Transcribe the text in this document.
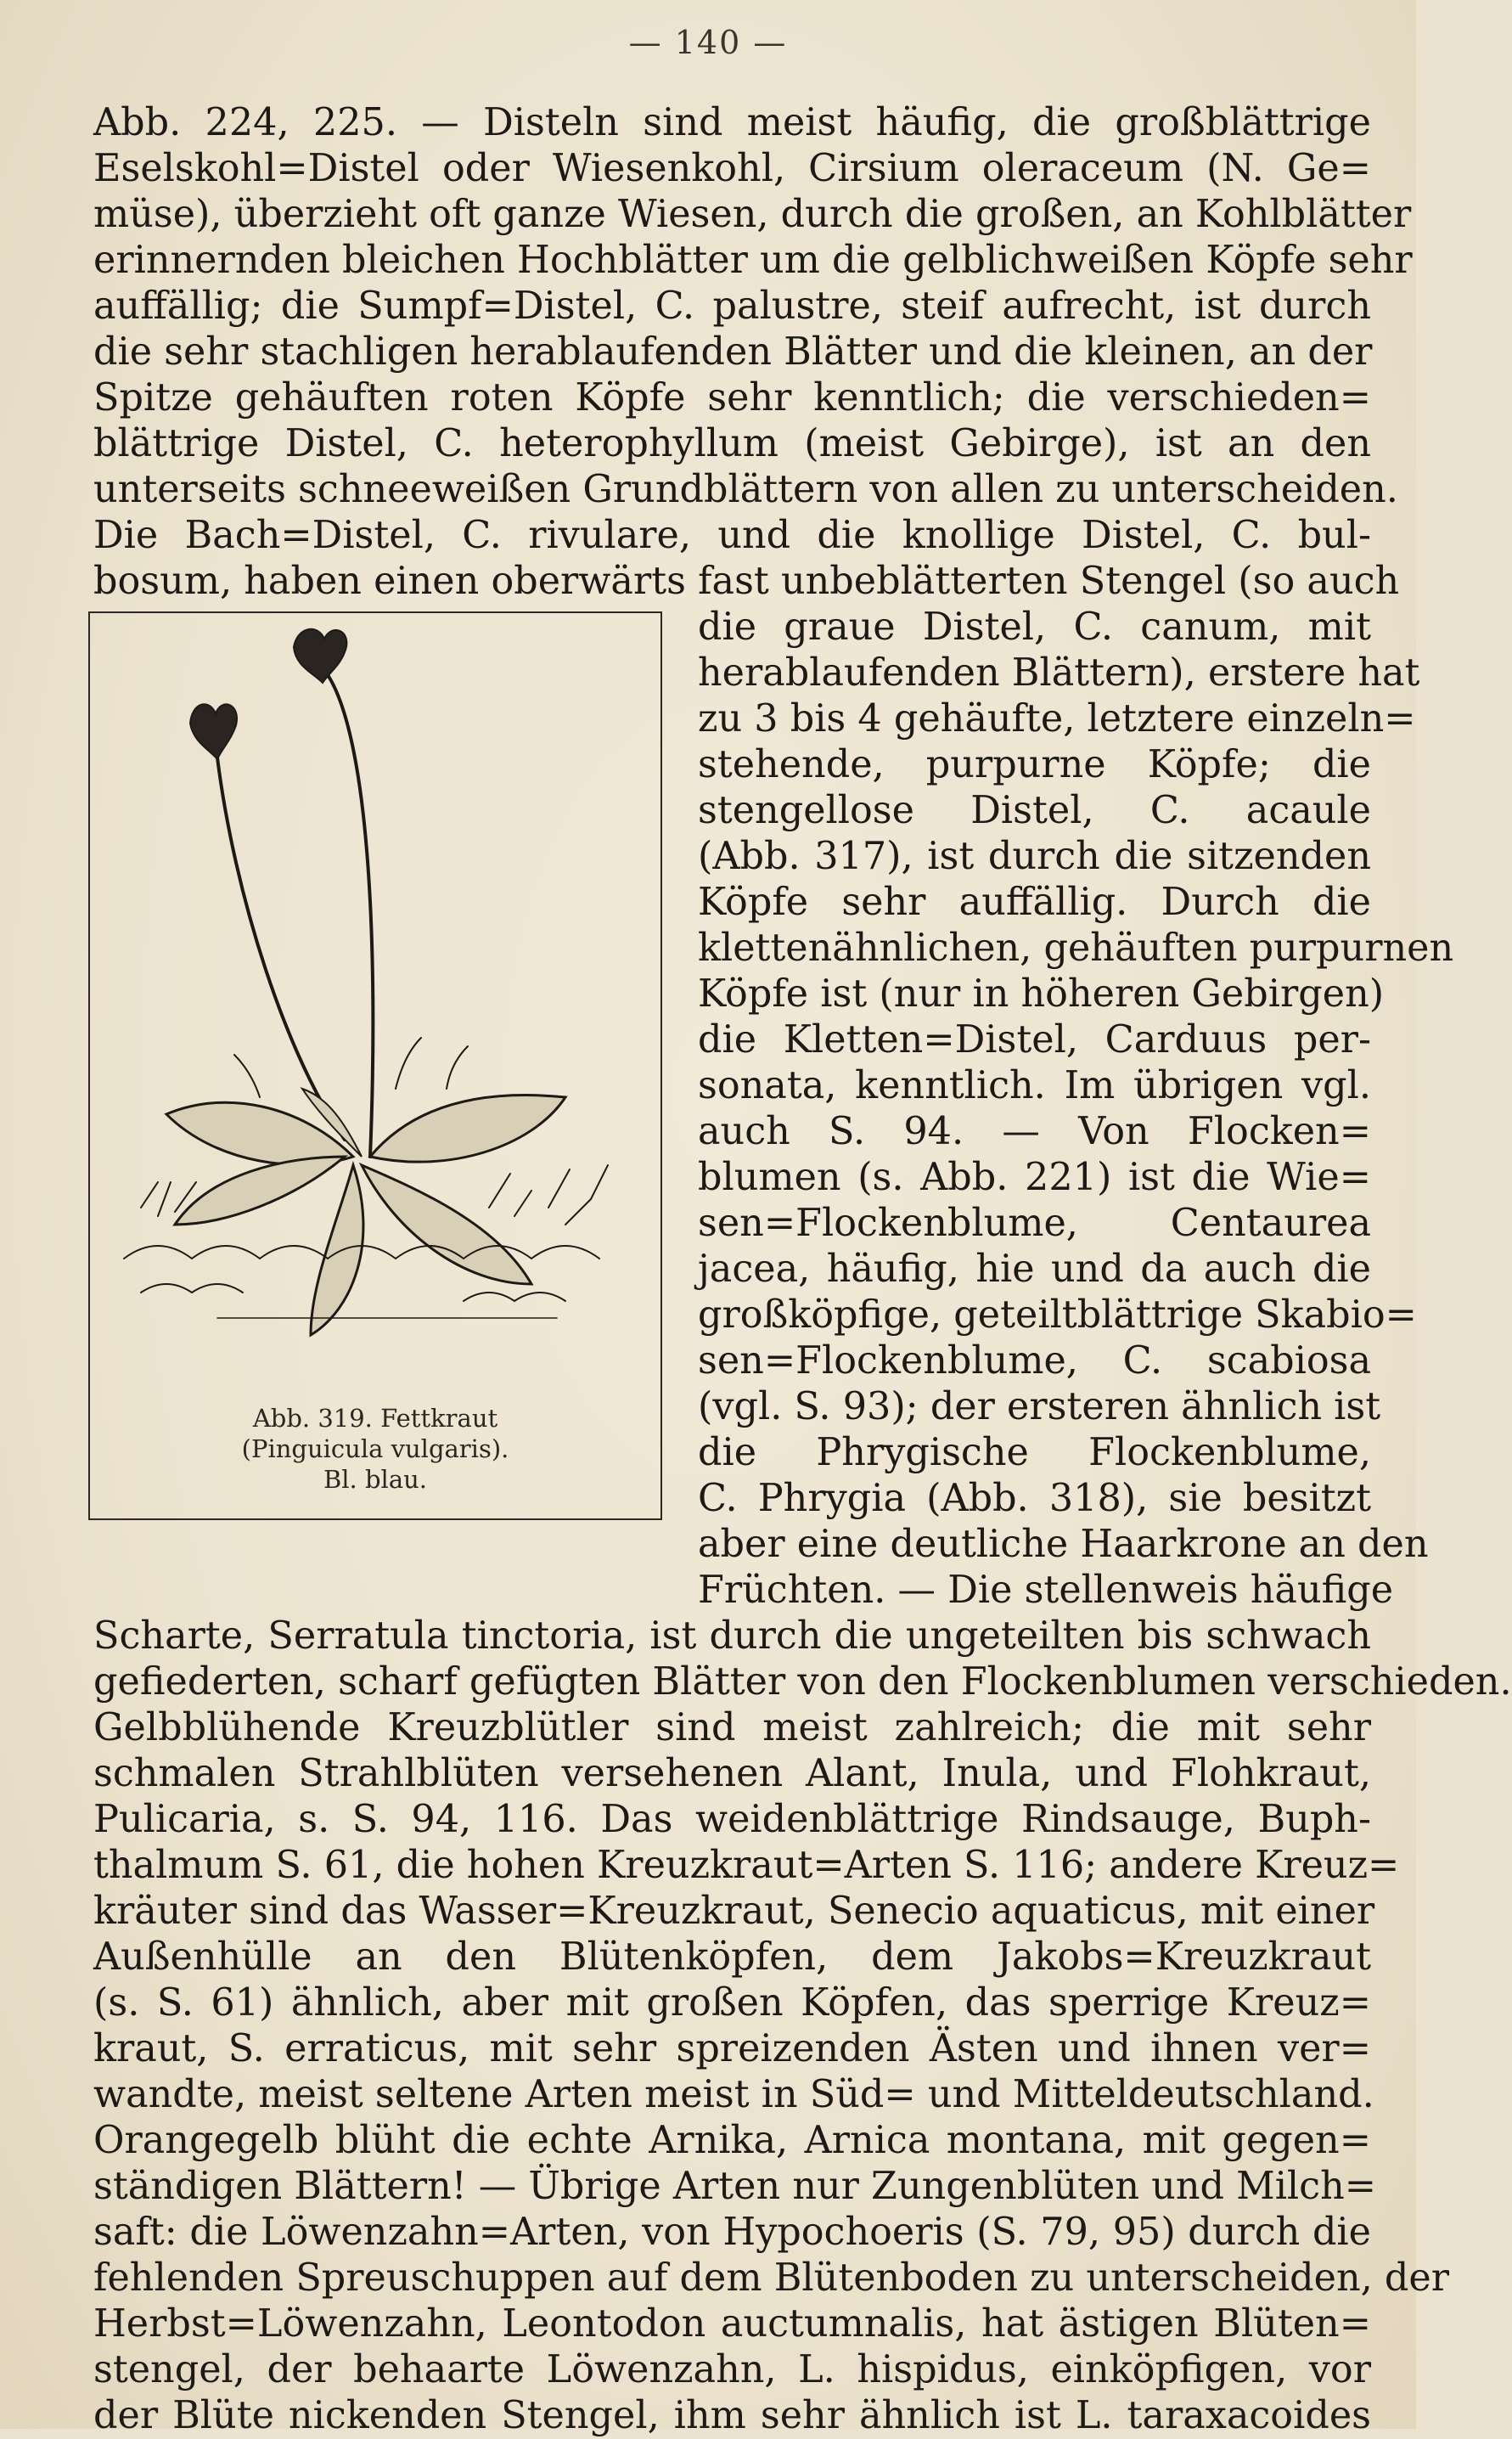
— 140 —
Abb. 224, 225. — Disteln sind meist häufig, die großblättrige
Eselskohl=Distel oder Wiesenkohl, Cirsium oleraceum (N. Ge=
müse), überzieht oft ganze Wiesen, durch die großen, an Kohlblätter
erinnernden bleichen Hochblätter um die gelblichweißen Köpfe sehr
auffällig; die Sumpf=Distel, C. palustre, steif aufrecht, ist durch
die sehr stachligen herablaufenden Blätter und die kleinen, an der
Spitze gehäuften roten Köpfe sehr kenntlich; die verschieden=
blättrige Distel, C. heterophyllum (meist Gebirge), ist an den
unterseits schneeweißen Grundblättern von allen zu unterscheiden.
Die Bach=Distel, C. rivulare, und die knollige Distel, C. bul-
bosum, haben einen oberwärts fast unbeblätterten Stengel (so auch
die graue Distel, C. canum, mit
herablaufenden Blättern), erstere hat
zu 3 bis 4 gehäufte, letztere einzeln=
stehende, purpurne Köpfe; die
stengellose Distel, C. acaule
(Abb. 317), ist durch die sitzenden
Köpfe sehr auffällig. Durch die
klettenähnlichen, gehäuften purpurnen
Köpfe ist (nur in höheren Gebirgen)
die Kletten=Distel, Carduus per-
sonata, kenntlich. Im übrigen vgl.
auch S. 94. — Von Flocken=
blumen (s. Abb. 221) ist die Wie=
sen=Flockenblume, Centaurea
jacea, häufig, hie und da auch die
großköpfige, geteiltblättrige Skabio=
sen=Flockenblume, C. scabiosa
(vgl. S. 93); der ersteren ähnlich ist
die Phrygische Flockenblume,
C. Phrygia (Abb. 318), sie besitzt
aber eine deutliche Haarkrone an den
Früchten. — Die stellenweis häufige
Scharte, Serratula tinctoria, ist durch die ungeteilten bis schwach
gefiederten, scharf gefügten Blätter von den Flockenblumen verschieden.
Gelbblühende Kreuzblütler sind meist zahlreich; die mit sehr
schmalen Strahlblüten versehenen Alant, Inula, und Flohkraut,
Pulicaria, s. S. 94, 116. Das weidenblättrige Rindsauge, Buph-
thalmum S. 61, die hohen Kreuzkraut=Arten S. 116; andere Kreuz=
kräuter sind das Wasser=Kreuzkraut, Senecio aquaticus, mit einer
Außenhülle an den Blütenköpfen, dem Jakobs=Kreuzkraut
(s. S. 61) ähnlich, aber mit großen Köpfen, das sperrige Kreuz=
kraut, S. erraticus, mit sehr spreizenden Ästen und ihnen ver=
wandte, meist seltene Arten meist in Süd= und Mitteldeutschland.
Orangegelb blüht die echte Arnika, Arnica montana, mit gegen=
ständigen Blättern! — Übrige Arten nur Zungenblüten und Milch=
saft: die Löwenzahn=Arten, von Hypochoeris (S. 79, 95) durch die
fehlenden Spreuschuppen auf dem Blütenboden zu unterscheiden, der
Herbst=Löwenzahn, Leontodon auctumnalis, hat ästigen Blüten=
stengel, der behaarte Löwenzahn, L. hispidus, einköpfigen, vor
der Blüte nickenden Stengel, ihm sehr ähnlich ist L. taraxacoides
Abb. 319. Fettkraut
(Pinguicula vulgaris).
Bl. blau.
